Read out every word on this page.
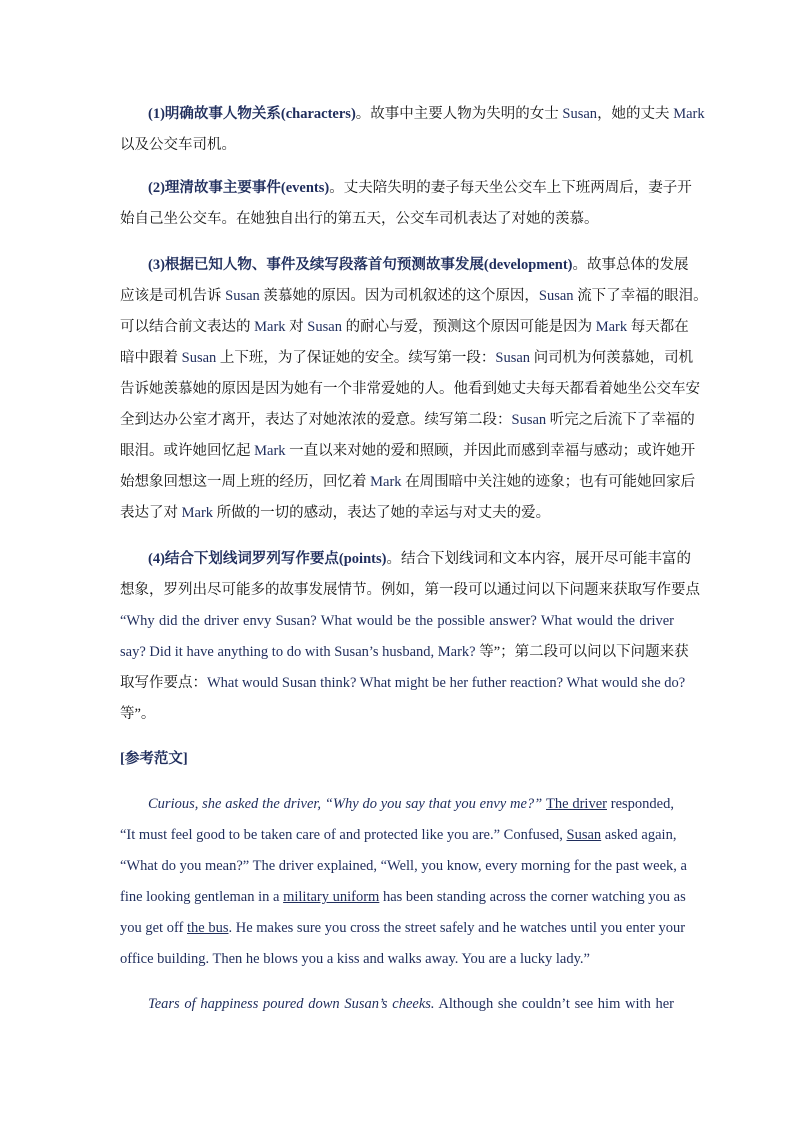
(1)明确故事人物关系(characters)。故事中主要人物为失明的女士 Susan，她的丈夫 Mark
以及公交车司机。
(2)理清故事主要事件(events)。丈夫陪失明的妻子每天坐公交车上下班两周后，妻子开
始自己坐公交车。在她独自出行的第五天，公交车司机表达了对她的羡慕。
(3)根据已知人物、事件及续写段落首句预测故事发展(development)。故事总体的发展
应该是司机告诉 Susan 羡慕她的原因。因为司机叙述的这个原因，Susan 流下了幸福的眼泪。
可以结合前文表达的 Mark 对 Susan 的耐心与爱，预测这个原因可能是因为 Mark 每天都在
暗中跟着 Susan 上下班，为了保证她的安全。续写第一段：Susan 问司机为何羡慕她，司机
告诉她羡慕她的原因是因为她有一个非常爱她的人。他看到她丈夫每天都看着她坐公交车安
全到达办公室才离开，表达了对她浓浓的爱意。续写第二段：Susan 听完之后流下了幸福的
眼泪。或许她回忆起 Mark 一直以来对她的爱和照顾，并因此而感到幸福与感动；或许她开
始想象回想这一周上班的经历，回忆着 Mark 在周围暗中关注她的迹象；也有可能她回家后
表达了对 Mark 所做的一切的感动，表达了她的幸运与对丈夫的爱。
(4)结合下划线词罗列写作要点(points)。结合下划线词和文本内容，展开尽可能丰富的
想象，罗列出尽可能多的故事发展情节。例如，第一段可以通过问以下问题来获取写作要点
“Why did the driver envy Susan? What would be the possible answer? What would the driver
say? Did it have anything to do with Susan’s husband, Mark? 等”；第二段可以问以下问题来获
取写作要点：What would Susan think? What might be her futher reaction? What would she do?
等”。
[参考范文]
Curious, she asked the driver, “Why do you say that you envy me?” The driver responded,
“It must feel good to be taken care of and protected like you are.” Confused, Susan asked again,
“What do you mean?” The driver explained, “Well, you know, every morning for the past week, a
fine looking gentleman in a military uniform has been standing across the corner watching you as
you get off the bus. He makes sure you cross the street safely and he watches until you enter your
office building. Then he blows you a kiss and walks away. You are a lucky lady.”
Tears of happiness poured down Susan’s cheeks. Although she couldn’t see him with her
